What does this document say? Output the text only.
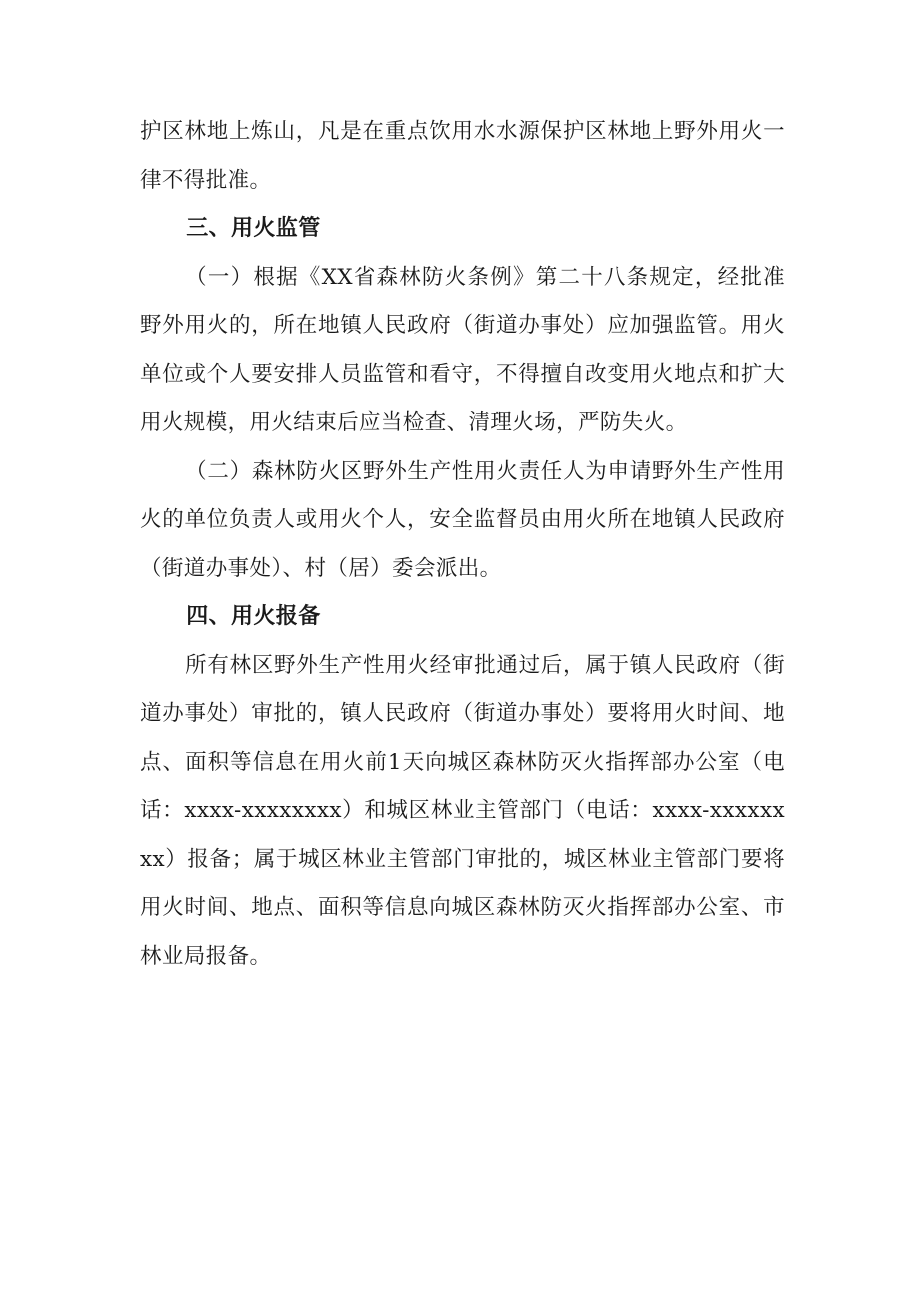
护区林地上炼山，凡是在重点饮用水水源保护区林地上野外用火一律不得批准。

三、用火监管

（一）根据《XX省森林防火条例》第二十八条规定，经批准野外用火的，所在地镇人民政府（街道办事处）应加强监管。用火单位或个人要安排人员监管和看守，不得擅自改变用火地点和扩大用火规模，用火结束后应当检查、清理火场，严防失火。

（二）森林防火区野外生产性用火责任人为申请野外生产性用火的单位负责人或用火个人，安全监督员由用火所在地镇人民政府（街道办事处）、村（居）委会派出。

四、用火报备

所有林区野外生产性用火经审批通过后，属于镇人民政府（街道办事处）审批的，镇人民政府（街道办事处）要将用火时间、地点、面积等信息在用火前1天向城区森林防灭火指挥部办公室（电话：xxxx-xxxxxxxx）和城区林业主管部门（电话：xxxx-xxxxxxxx）报备；属于城区林业主管部门审批的，城区林业主管部门要将用火时间、地点、面积等信息向城区森林防灭火指挥部办公室、市林业局报备。
